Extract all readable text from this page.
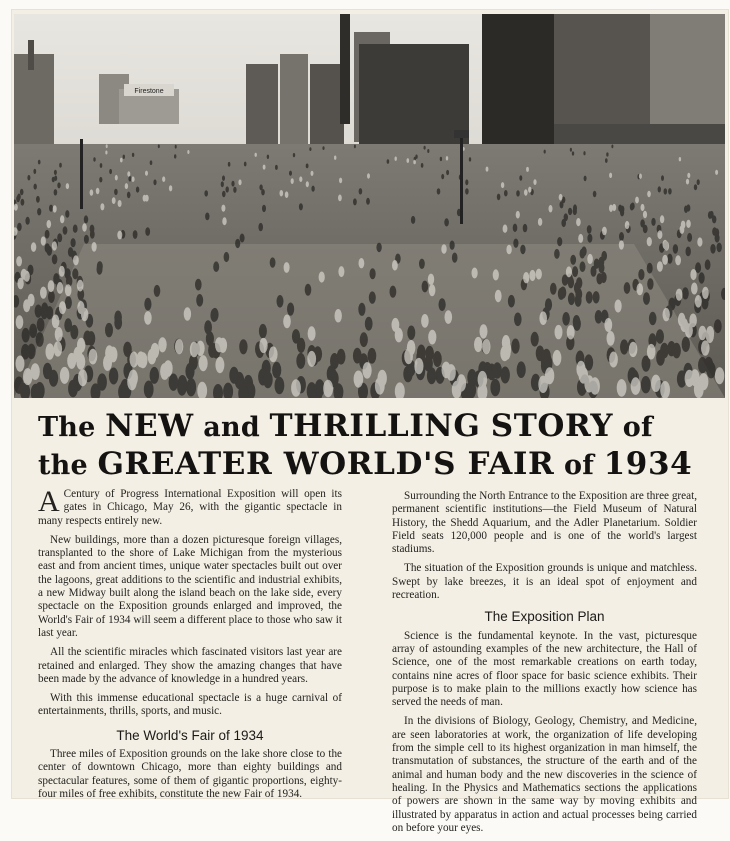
Firestone
The NEW and THRILLING STORY of
the GREATER WORLD'S FAIR of 1934

A Century of Progress International Exposition will open its gates in Chicago, May 26, with the gigantic spectacle in many respects entirely new.

New buildings, more than a dozen picturesque foreign villages, transplanted to the shore of Lake Michigan from the mysterious east and from ancient times, unique water spectacles built out over the lagoons, great additions to the scientific and industrial exhibits, a new Midway built along the island beach on the lake side, every spectacle on the Exposition grounds enlarged and improved, the World's Fair of 1934 will seem a different place to those who saw it last year.

All the scientific miracles which fascinated visitors last year are retained and enlarged. They show the amazing changes that have been made by the advance of knowledge in a hundred years.

With this immense educational spectacle is a huge carnival of entertainments, thrills, sports, and music.

The World's Fair of 1934

Three miles of Exposition grounds on the lake shore close to the center of downtown Chicago, more than eighty buildings and spectacular features, some of them of gigantic proportions, eighty-four miles of free exhibits, constitute the new Fair of 1934.

Surrounding the North Entrance to the Exposition are three great, permanent scientific institutions—the Field Museum of Natural History, the Shedd Aquarium, and the Adler Planetarium. Soldier Field seats 120,000 people and is one of the world's largest stadiums.

The situation of the Exposition grounds is unique and matchless. Swept by lake breezes, it is an ideal spot of enjoyment and recreation.

The Exposition Plan

Science is the fundamental keynote. In the vast, picturesque array of astounding examples of the new architecture, the Hall of Science, one of the most remarkable creations on earth today, contains nine acres of floor space for basic science exhibits. Their purpose is to make plain to the millions exactly how science has served the needs of man.

In the divisions of Biology, Geology, Chemistry, and Medicine, are seen laboratories at work, the organization of life developing from the simple cell to its highest organization in man himself, the transmutation of substances, the structure of the earth and of the animal and human body and the new discoveries in the science of healing. In the Physics and Mathematics sections the applications of powers are shown in the same way by moving exhibits and illustrated by apparatus in action and actual processes being carried on before your eyes.
